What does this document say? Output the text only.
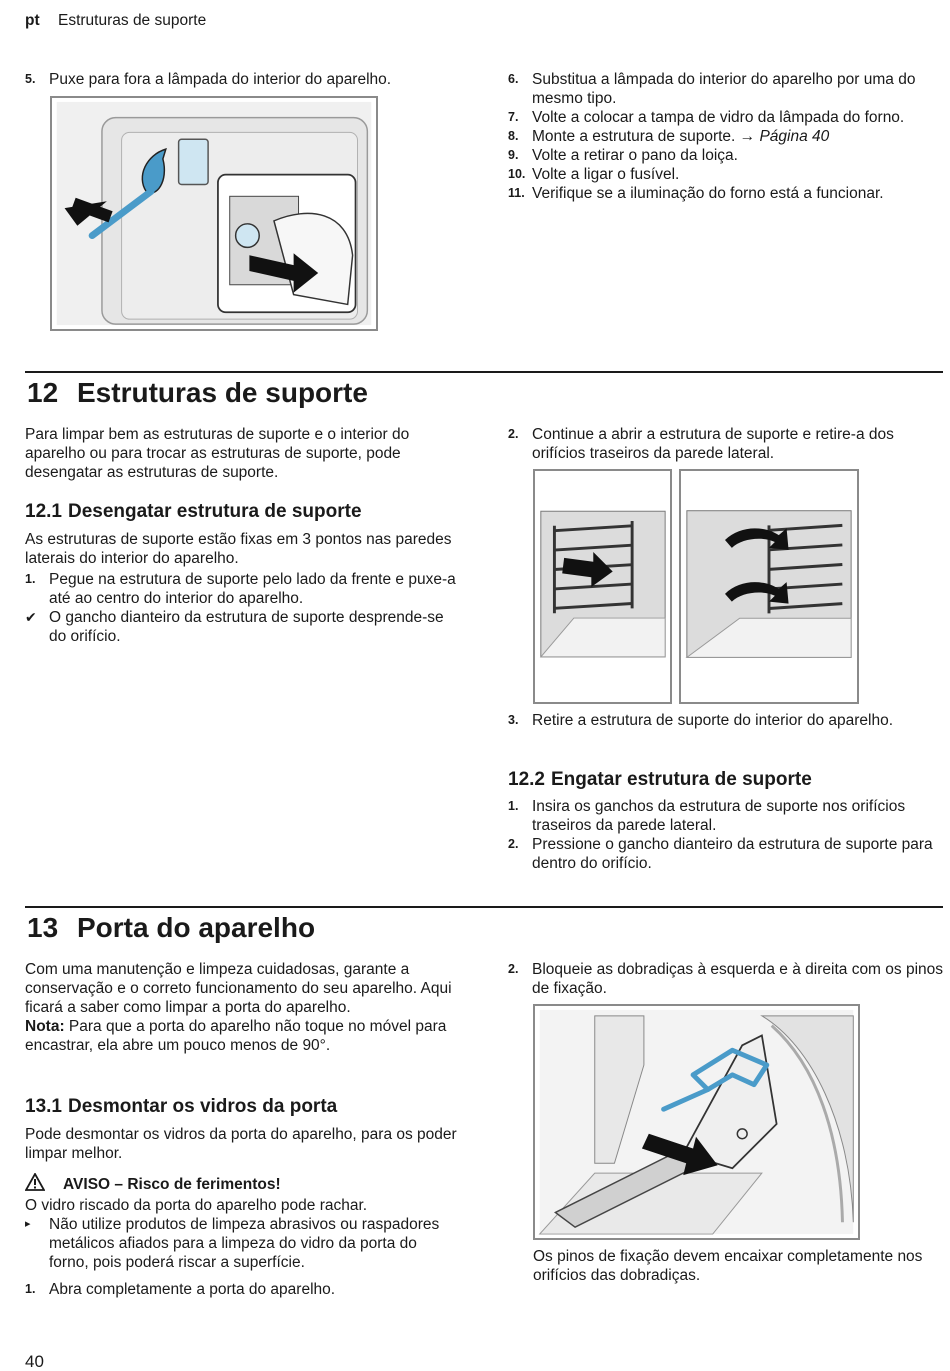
pt Estruturas de suporte
5. Puxe para fora a lâmpada do interior do aparelho.	6. Substitua a lâmpada do interior do aparelho por uma do mesmo tipo.
7. Volte a colocar a tampa de vidro da lâmpada do forno.
8. Monte a estrutura de suporte. → Página 40
9. Volte a retirar o pano da loiça.
10. Volte a ligar o fusível.
11. Verifique se a iluminação do forno está a funcionar.
12 Estruturas de suporte
Para limpar bem as estruturas de suporte e o interior do aparelho ou para trocar as estruturas de suporte, pode desengatar as estruturas de suporte.
12.1 Desengatar estrutura de suporte
As estruturas de suporte estão fixas em 3 pontos nas paredes laterais do interior do aparelho.
1. Pegue na estrutura de suporte pelo lado da frente e puxe-a até ao centro do interior do aparelho.
✔ O gancho dianteiro da estrutura de suporte desprende-se do orifício.
2. Continue a abrir a estrutura de suporte e retire-a dos orifícios traseiros da parede lateral.
3. Retire a estrutura de suporte do interior do aparelho.
12.2 Engatar estrutura de suporte
1. Insira os ganchos da estrutura de suporte nos orifícios traseiros da parede lateral.
2. Pressione o gancho dianteiro da estrutura de suporte para dentro do orifício.
13 Porta do aparelho
Com uma manutenção e limpeza cuidadosas, garante a conservação e o correto funcionamento do seu aparelho. Aqui ficará a saber como limpar a porta do aparelho.
Nota: Para que a porta do aparelho não toque no móvel para encastrar, ela abre um pouco menos de 90°.
13.1 Desmontar os vidros da porta
Pode desmontar os vidros da porta do aparelho, para os poder limpar melhor.
AVISO – Risco de ferimentos!
O vidro riscado da porta do aparelho pode rachar.
▸	Não utilize produtos de limpeza abrasivos ou raspadores metálicos afiados para a limpeza do vidro da porta do forno, pois poderá riscar a superfície.
1. Abra completamente a porta do aparelho.
2. Bloqueie as dobradiças à esquerda e à direita com os pinos de fixação.
Os pinos de fixação devem encaixar completamente nos orifícios das dobradiças.
40
